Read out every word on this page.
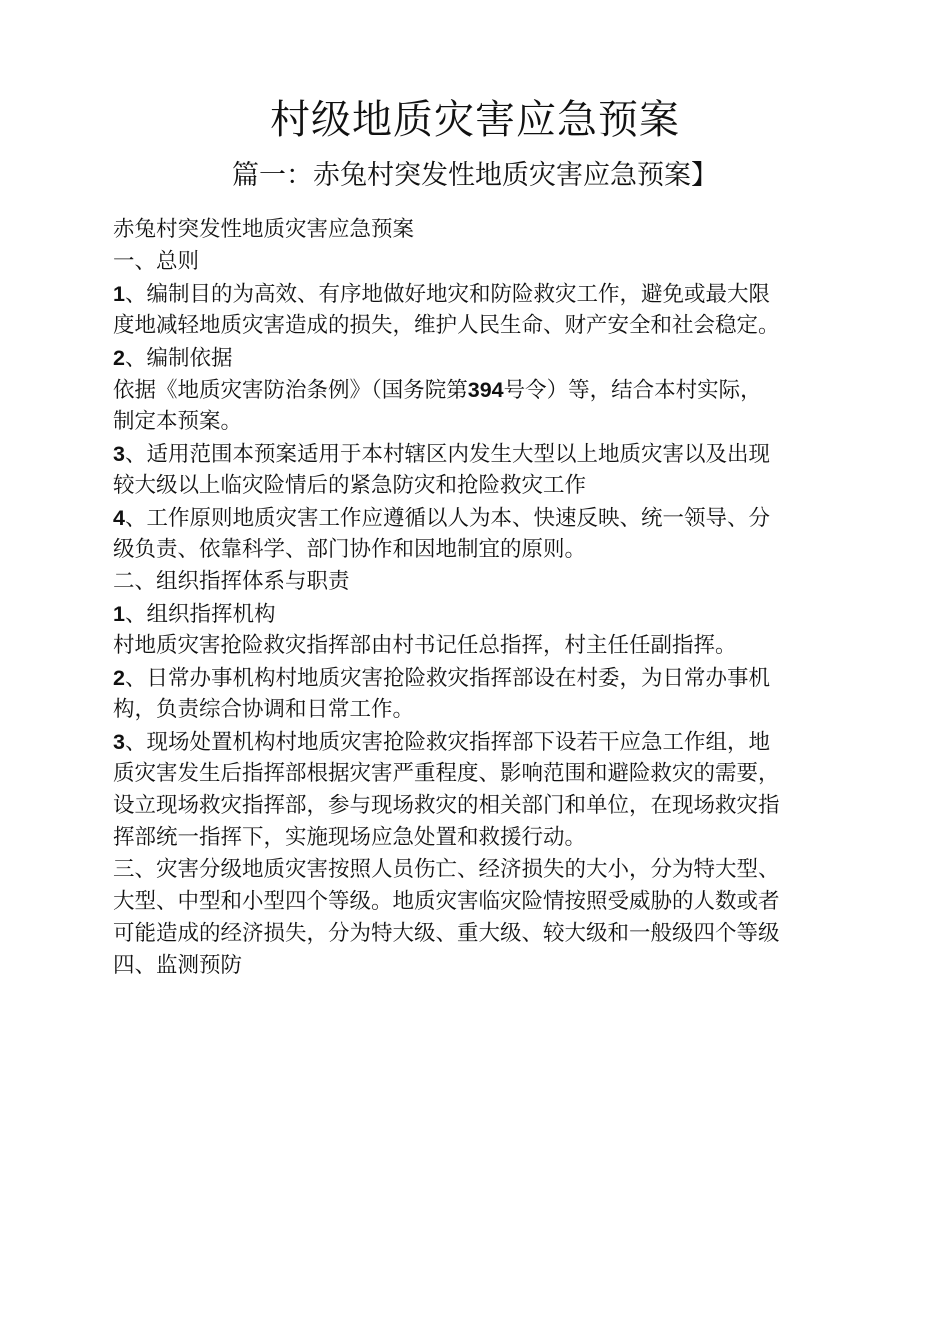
村级地质灾害应急预案
篇一：赤兔村突发性地质灾害应急预案】
赤兔村突发性地质灾害应急预案
一、总则
1、编制目的为高效、有序地做好地灾和防险救灾工作，避免或最大限
度地减轻地质灾害造成的损失，维护人民生命、财产安全和社会稳定。
2、编制依据
依据《地质灾害防治条例》（国务院第394号令）等，结合本村实际，
制定本预案。
3、适用范围本预案适用于本村辖区内发生大型以上地质灾害以及出现
较大级以上临灾险情后的紧急防灾和抢险救灾工作
4、工作原则地质灾害工作应遵循以人为本、快速反映、统一领导、分
级负责、依靠科学、部门协作和因地制宜的原则。
二、组织指挥体系与职责
1、组织指挥机构
村地质灾害抢险救灾指挥部由村书记任总指挥，村主任任副指挥。
2、日常办事机构村地质灾害抢险救灾指挥部设在村委，为日常办事机
构，负责综合协调和日常工作。
3、现场处置机构村地质灾害抢险救灾指挥部下设若干应急工作组，地
质灾害发生后指挥部根据灾害严重程度、影响范围和避险救灾的需要，
设立现场救灾指挥部，参与现场救灾的相关部门和单位，在现场救灾指
挥部统一指挥下，实施现场应急处置和救援行动。
三、灾害分级地质灾害按照人员伤亡、经济损失的大小，分为特大型、
大型、中型和小型四个等级。地质灾害临灾险情按照受威胁的人数或者
可能造成的经济损失，分为特大级、重大级、较大级和一般级四个等级
四、监测预防
